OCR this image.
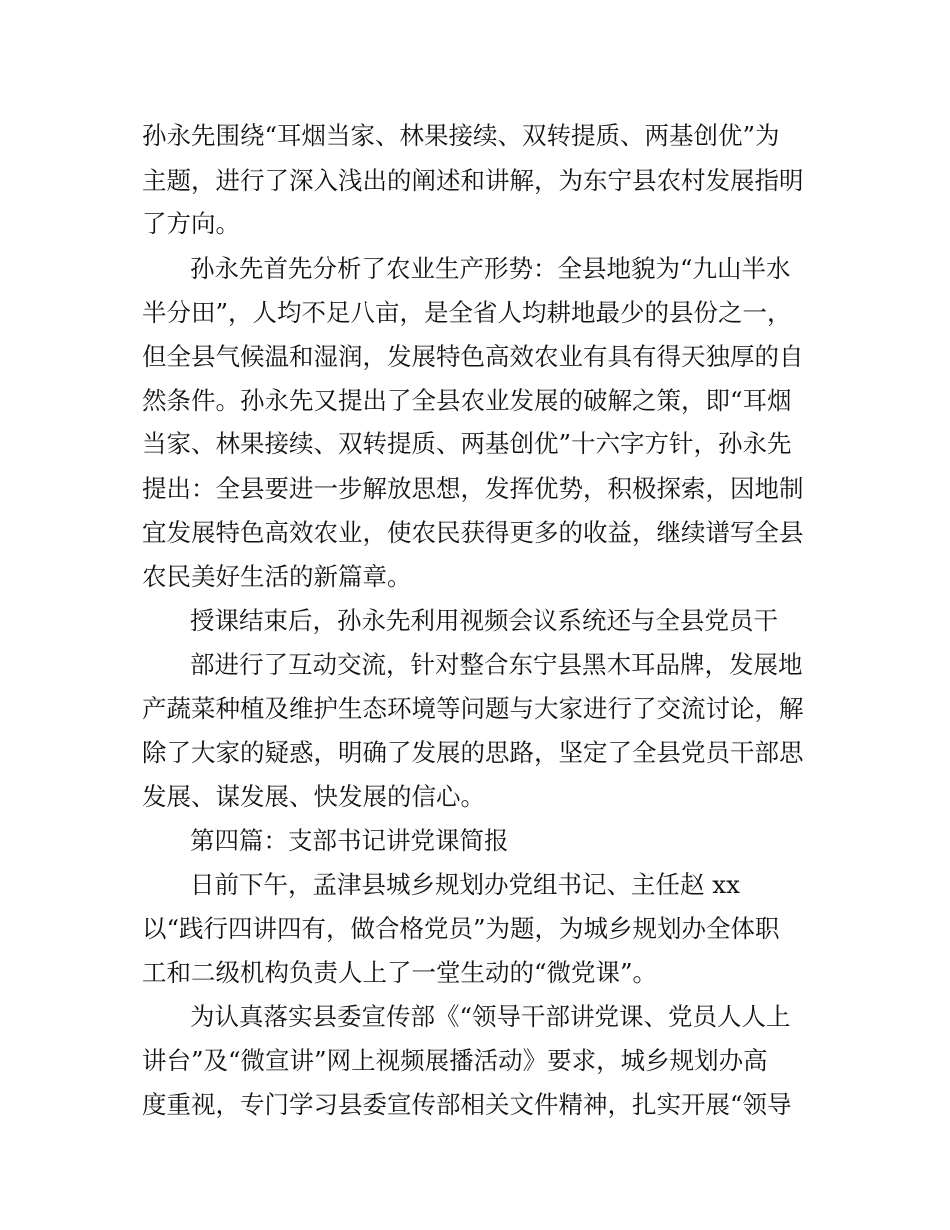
孙永先围绕“耳烟当家、林果接续、双转提质、两基创优”为
主题，进行了深入浅出的阐述和讲解，为东宁县农村发展指明
了方向。
孙永先首先分析了农业生产形势：全县地貌为“九山半水
半分田”，人均不足八亩，是全省人均耕地最少的县份之一，
但全县气候温和湿润，发展特色高效农业有具有得天独厚的自
然条件。孙永先又提出了全县农业发展的破解之策，即“耳烟
当家、林果接续、双转提质、两基创优”十六字方针，孙永先
提出：全县要进一步解放思想，发挥优势，积极探索，因地制
宜发展特色高效农业，使农民获得更多的收益，继续谱写全县
农民美好生活的新篇章。
授课结束后，孙永先利用视频会议系统还与全县党员干
部进行了互动交流，针对整合东宁县黑木耳品牌，发展地
产蔬菜种植及维护生态环境等问题与大家进行了交流讨论，解
除了大家的疑惑，明确了发展的思路，坚定了全县党员干部思
发展、谋发展、快发展的信心。
第四篇：支部书记讲党课简报
日前下午，孟津县城乡规划办党组书记、主任赵 xx
以“践行四讲四有，做合格党员”为题，为城乡规划办全体职
工和二级机构负责人上了一堂生动的“微党课”。
为认真落实县委宣传部《“领导干部讲党课、党员人人上
讲台”及“微宣讲”网上视频展播活动》要求，城乡规划办高
度重视，专门学习县委宣传部相关文件精神，扎实开展“领导
